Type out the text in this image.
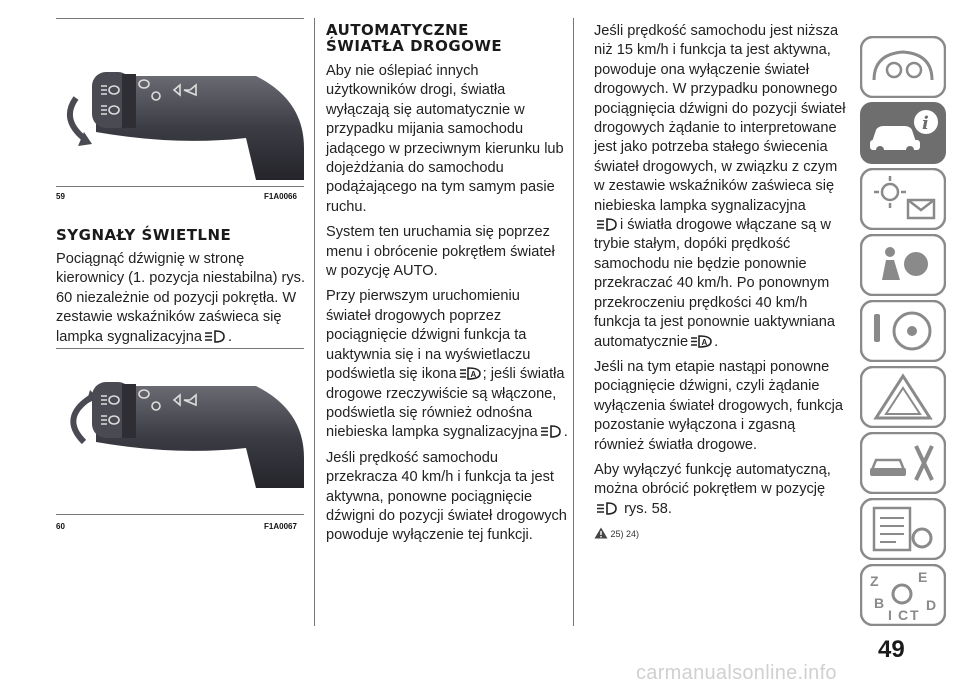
59	F1A0066
SYGNAŁY ŚWIETLNE

Pociągnąć dźwignię w stronę kierownicy (1. pozycja niestabilna) rys. 60 niezależnie od pozycji pokrętła. W zestawie wskaźników zaświeca się lampka sygnalizacyjna .

60	F1A0067
AUTOMATYCZNE
ŚWIATŁA DROGOWE

Aby nie oślepiać innych użytkowników drogi, światła wyłączają się automatycznie w przypadku mijania samochodu jadącego w przeciwnym kierunku lub dojeżdżania do samochodu podążającego na tym samym pasie ruchu.

System ten uruchamia się poprzez menu i obrócenie pokrętłem świateł w pozycję AUTO.

Przy pierwszym uruchomieniu świateł drogowych poprzez pociągnięcie dźwigni funkcja ta uaktywnia się i na wyświetlaczu podświetla się ikona A ; jeśli światła drogowe rzeczywiście są włączone, podświetla się również odnośna niebieska lampka sygnalizacyjna .

Jeśli prędkość samochodu przekracza 40 km/h i funkcja ta jest aktywna, ponowne pociągnięcie dźwigni do pozycji świateł drogowych powoduje wyłączenie tej funkcji.

Jeśli prędkość samochodu jest niższa niż 15 km/h i funkcja ta jest aktywna, powoduje ona wyłączenie świateł drogowych. W przypadku ponownego pociągnięcia dźwigni do pozycji świateł drogowych żądanie to interpretowane jest jako potrzeba stałego świecenia świateł drogowych, w związku z czym w zestawie wskaźników zaświeca się niebieska lampka sygnalizacyjna
i światła drogowe włączane są w trybie stałym, dopóki prędkość samochodu nie będzie ponownie przekraczać 40 km/h. Po ponownym przekroczeniu prędkości 40 km/h funkcja ta jest ponownie uaktywniana automatycznie A .

Jeśli na tym etapie nastąpi ponowne pociągnięcie dźwigni, czyli żądanie wyłączenia świateł drogowych, funkcja pozostanie wyłączona i zgasną również światła drogowe.

Aby wyłączyć funkcję automatyczną, można obrócić pokrętłem w pozycję
rys. 58.

25) 24)

i
Z	E
B	D
I C T
49
carmanualsonline.info
